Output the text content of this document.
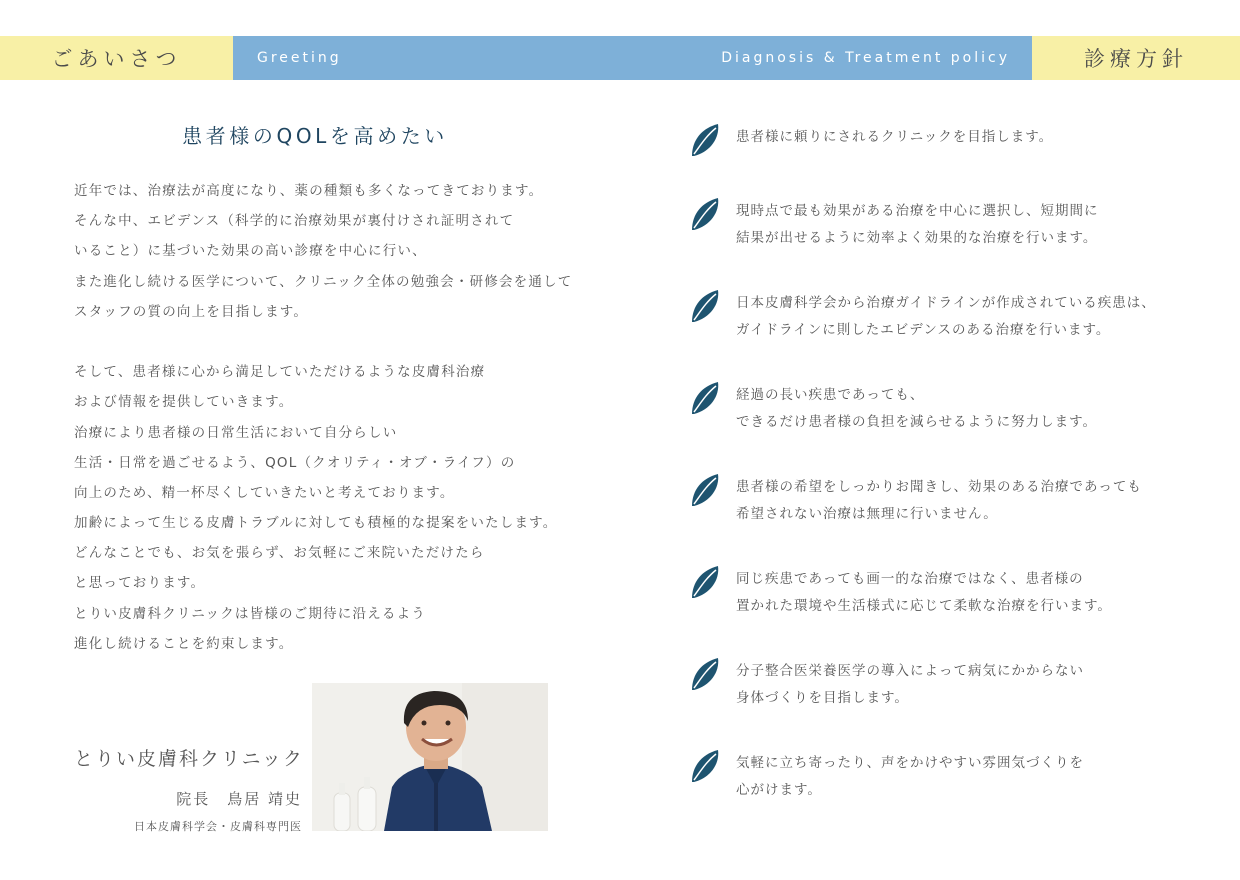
ごあいさつ	Greeting	Diagnosis & Treatment policy	診療方針
患者様のQOLを高めたい
近年では、治療法が高度になり、薬の種類も多くなってきております。
そんな中、エビデンス（科学的に治療効果が裏付けされ証明されて
いること）に基づいた効果の高い診療を中心に行い、
また進化し続ける医学について、クリニック全体の勉強会・研修会を通して
スタッフの質の向上を目指します。
そして、患者様に心から満足していただけるような皮膚科治療
および情報を提供していきます。
治療により患者様の日常生活において自分らしい
生活・日常を過ごせるよう、QOL（クオリティ・オブ・ライフ）の
向上のため、精一杯尽くしていきたいと考えております。
加齢によって生じる皮膚トラブルに対しても積極的な提案をいたします。
どんなことでも、お気を張らず、お気軽にご来院いただけたら
と思っております。
とりい皮膚科クリニックは皆様のご期待に沿えるよう
進化し続けることを約束します。
とりい皮膚科クリニック
院長　鳥居 靖史
日本皮膚科学会・皮膚科専門医
患者様に頼りにされるクリニックを目指します。
現時点で最も効果がある治療を中心に選択し、短期間に
結果が出せるように効率よく効果的な治療を行います。
日本皮膚科学会から治療ガイドラインが作成されている疾患は、
ガイドラインに則したエビデンスのある治療を行います。
経過の長い疾患であっても、
できるだけ患者様の負担を減らせるように努力します。
患者様の希望をしっかりお聞きし、効果のある治療であっても
希望されない治療は無理に行いません。
同じ疾患であっても画一的な治療ではなく、患者様の
置かれた環境や生活様式に応じて柔軟な治療を行います。
分子整合医栄養医学の導入によって病気にかからない
身体づくりを目指します。
気軽に立ち寄ったり、声をかけやすい雰囲気づくりを
心がけます。
